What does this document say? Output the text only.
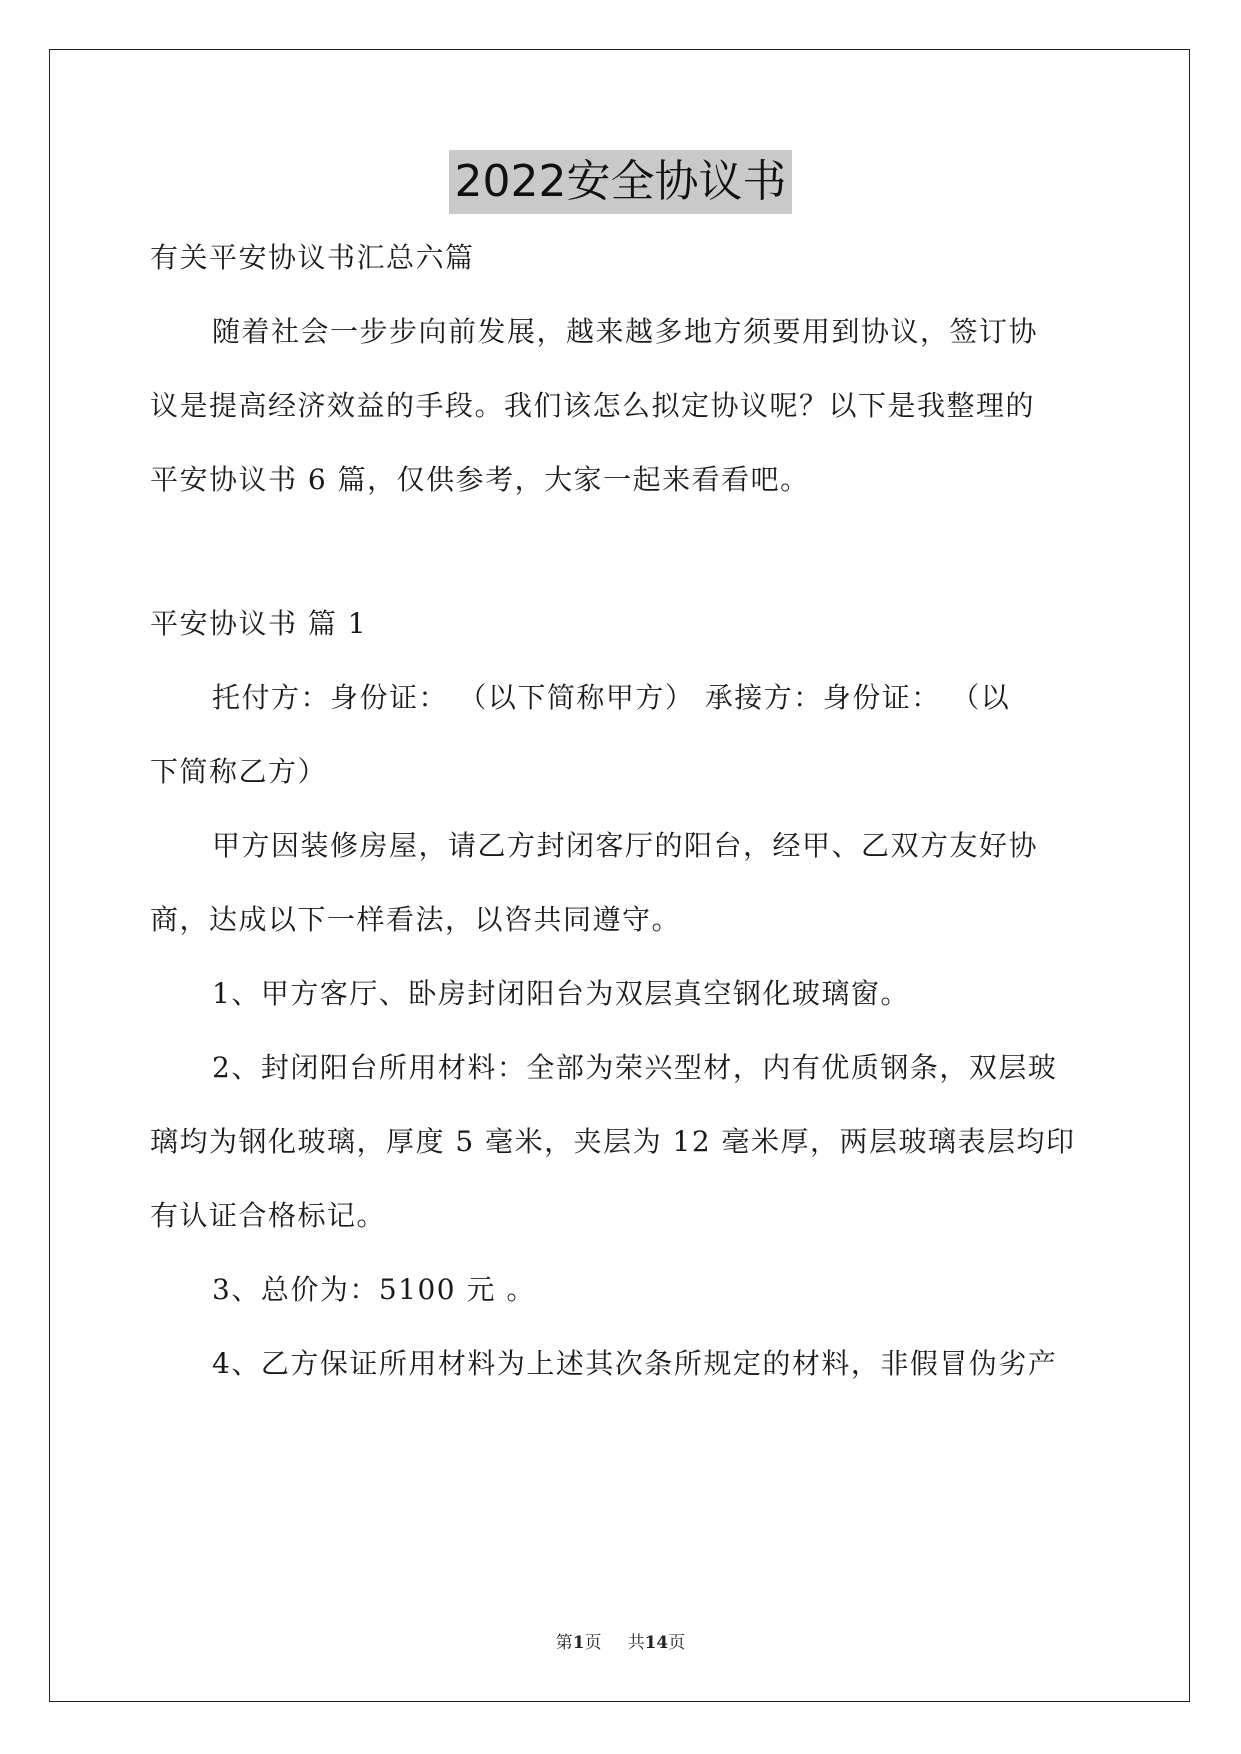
2022安全协议书
有关平安协议书汇总六篇
随着社会一步步向前发展，越来越多地方须要用到协议，签订协
议是提高经济效益的手段。我们该怎么拟定协议呢？以下是我整理的
平安协议书 6 篇，仅供参考，大家一起来看看吧。
平安协议书 篇 1
托付方：身份证： （以下简称甲方） 承接方：身份证： （以
下简称乙方）
甲方因装修房屋，请乙方封闭客厅的阳台，经甲、乙双方友好协
商，达成以下一样看法，以咨共同遵守。
1、甲方客厅、卧房封闭阳台为双层真空钢化玻璃窗。
2、封闭阳台所用材料：全部为荣兴型材，内有优质钢条，双层玻
璃均为钢化玻璃，厚度 5 毫米，夹层为 12 毫米厚，两层玻璃表层均印
有认证合格标记。
3、总价为：5100 元 。
4、乙方保证所用材料为上述其次条所规定的材料，非假冒伪劣产
第1页 共14页
